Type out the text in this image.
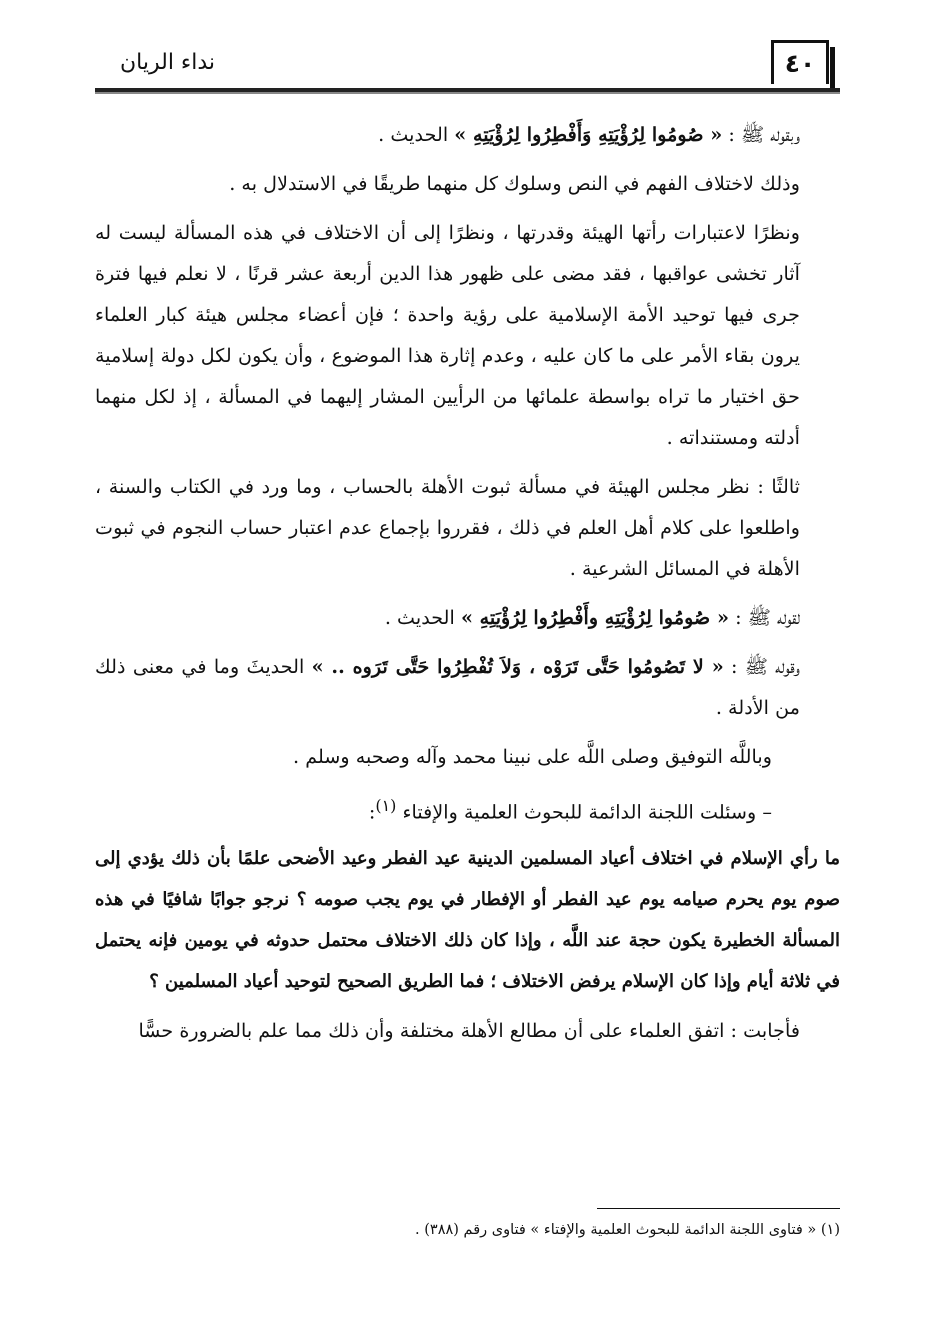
٤٠
نداء الريان

وبقوله ﷺ : « صُومُوا لِرُؤْيَتِهِ وَأَفْطِرُوا لِرُؤْيَتِهِ » الحديث .

وذلك لاختلاف الفهم في النص وسلوك كل منهما طريقًا في الاستدلال به .

ونظرًا لاعتبارات رأتها الهيئة وقدرتها ، ونظرًا إلى أن الاختلاف في هذه المسألة ليست له آثار تخشى عواقبها ، فقد مضى على ظهور هذا الدين أربعة عشر قرنًا ، لا نعلم فيها فترة جرى فيها توحيد الأمة الإسلامية على رؤية واحدة ؛ فإن أعضاء مجلس هيئة كبار العلماء يرون بقاء الأمر على ما كان عليه ، وعدم إثارة هذا الموضوع ، وأن يكون لكل دولة إسلامية حق اختيار ما تراه بواسطة علمائها من الرأيين المشار إليهما في المسألة ، إذ لكل منهما أدلته ومستنداته .

ثالثًا : نظر مجلس الهيئة في مسألة ثبوت الأهلة بالحساب ، وما ورد في الكتاب والسنة ، واطلعوا على كلام أهل العلم في ذلك ، فقرروا بإجماع عدم اعتبار حساب النجوم في ثبوت الأهلة في المسائل الشرعية .

لقوله ﷺ : « صُومُوا لِرُؤْيَتِهِ وأَفْطِرُوا لِرُؤْيَتِهِ » الحديث .

وقوله ﷺ : « لا تَصُومُوا حَتَّى تَرَوْه ، وَلاَ تُفْطِرُوا حَتَّى تَرَوه .. » الحديثَ وما في معنى ذلك من الأدلة .

وباللَّه التوفيق وصلى اللَّه على نبينا محمد وآله وصحبه وسلم .

– وسئلت اللجنة الدائمة للبحوث العلمية والإفتاء $^{(١)}$:

ما رأي الإسلام في اختلاف أعياد المسلمين الدينية عيد الفطر وعيد الأضحى علمًا بأن ذلك يؤدي إلى صوم يوم يحرم صيامه يوم عيد الفطر أو الإفطار في يوم يجب صومه ؟ نرجو جوابًا شافيًا في هذه المسألة الخطيرة يكون حجة عند اللَّه ، وإذا كان ذلك الاختلاف محتمل حدوثه في يومين فإنه يحتمل في ثلاثة أيام وإذا كان الإسلام يرفض الاختلاف ؛ فما الطريق الصحيح لتوحيد أعياد المسلمين ؟

فأجابت : اتفق العلماء على أن مطالع الأهلة مختلفة وأن ذلك مما علم بالضرورة حسًّا

(١) « فتاوى اللجنة الدائمة للبحوث العلمية والإفتاء » فتاوى رقم (٣٨٨) .
